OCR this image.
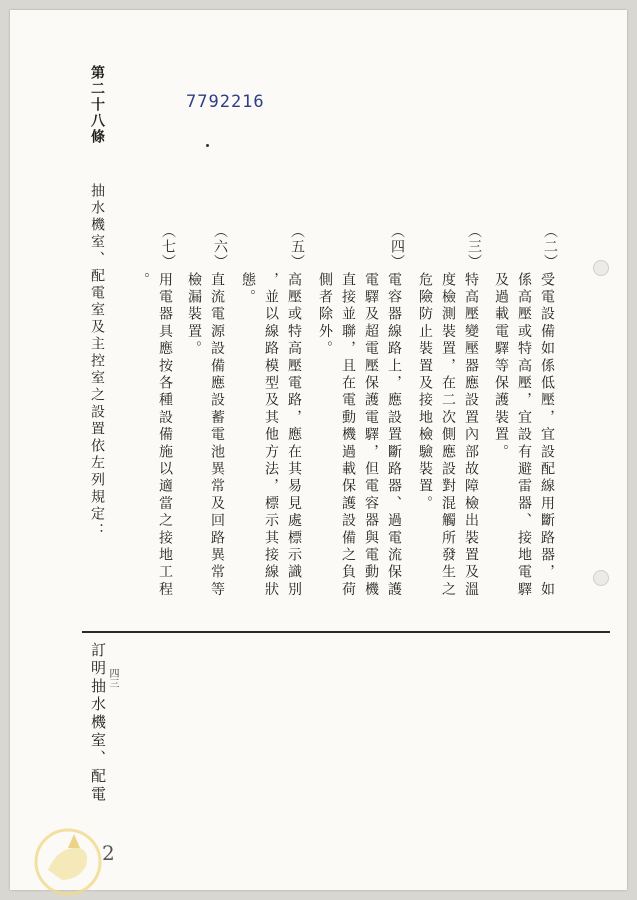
7792216
第二十八條
抽水機室、配電室及主控室之設置依左列規定：	（二）
受電設備如係低壓，宜設配線用斷路器，如
係高壓或特高壓，宜設有避雷器、接地電驛
及過載電驛等保護裝置。
（三）
特高壓變壓器應設置內部故障檢出裝置及溫
度檢測裝置，在二次側應設對混觸所發生之
危險防止裝置及接地檢驗裝置。
（四）
電容器線路上，應設置斷路器、過電流保護
電驛及超電壓保護電驛，但電容器與電動機
直接並聯，且在電動機過載保護設備之負荷
側者除外。
（五）
高壓或特高壓電路，應在其易見處標示識別
，並以線路模型及其他方法，標示其接線狀
態。
（六）
直流電源設備應設蓄電池異常及回路異常等
檢漏裝置。
（七）
用電器具應按各種設備施以適當之接地工程
。
四三
訂明抽水機室、配電
2
